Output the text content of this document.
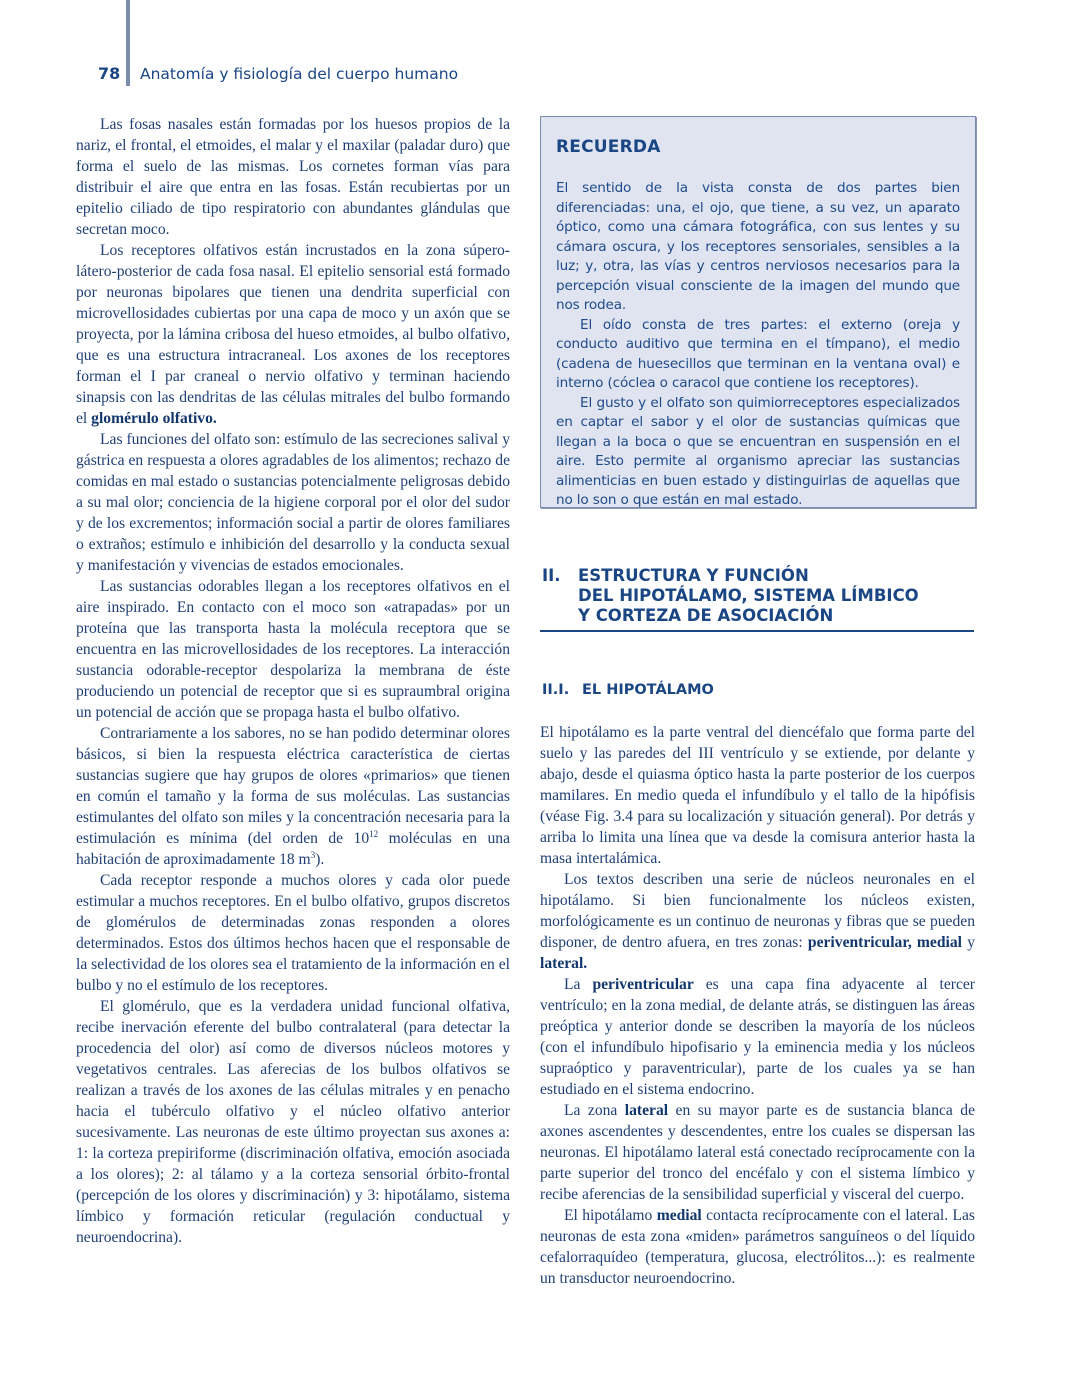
78	Anatomía y fisiología del cuerpo humano

Las fosas nasales están formadas por los huesos propios de la nariz, el frontal, el etmoides, el malar y el maxilar (paladar duro) que forma el suelo de las mismas. Los cornetes forman vías para distribuir el aire que entra en las fosas. Están recubiertas por un epitelio ciliado de tipo respiratorio con abundantes glándulas que secretan moco.

Los receptores olfativos están incrustados en la zona súpero-látero-posterior de cada fosa nasal. El epitelio sensorial está formado por neuronas bipolares que tienen una dendrita superficial con microvellosidades cubiertas por una capa de moco y un axón que se proyecta, por la lámina cribosa del hueso etmoides, al bulbo olfativo, que es una estructura intracraneal. Los axones de los receptores forman el I par craneal o nervio olfativo y terminan haciendo sinapsis con las dendritas de las células mitrales del bulbo formando el glomérulo olfativo.

Las funciones del olfato son: estímulo de las secreciones salival y gástrica en respuesta a olores agradables de los alimentos; rechazo de comidas en mal estado o sustancias potencialmente peligrosas debido a su mal olor; conciencia de la higiene corporal por el olor del sudor y de los excrementos; información social a partir de olores familiares o extraños; estímulo e inhibición del desarrollo y la conducta sexual y manifestación y vivencias de estados emocionales.

Las sustancias odorables llegan a los receptores olfativos en el aire inspirado. En contacto con el moco son «atrapadas» por un proteína que las transporta hasta la molécula receptora que se encuentra en las microvellosidades de los receptores. La interacción sustancia odorable-receptor despolariza la membrana de éste produciendo un potencial de receptor que si es supraumbral origina un potencial de acción que se propaga hasta el bulbo olfativo.

Contrariamente a los sabores, no se han podido determinar olores básicos, si bien la respuesta eléctrica característica de ciertas sustancias sugiere que hay grupos de olores «primarios» que tienen en común el tamaño y la forma de sus moléculas. Las sustancias estimulantes del olfato son miles y la concentración necesaria para la estimulación es mínima (del orden de $10^{12}$ moléculas en una habitación de aproximadamente 18 $m^3$).

Cada receptor responde a muchos olores y cada olor puede estimular a muchos receptores. En el bulbo olfativo, grupos discretos de glomérulos de determinadas zonas responden a olores determinados. Estos dos últimos hechos hacen que el responsable de la selectividad de los olores sea el tratamiento de la información en el bulbo y no el estímulo de los receptores.

El glomérulo, que es la verdadera unidad funcional olfativa, recibe inervación eferente del bulbo contralateral (para detectar la procedencia del olor) así como de diversos núcleos motores y vegetativos centrales. Las aferecias de los bulbos olfativos se realizan a través de los axones de las células mitrales y en penacho hacia el tubérculo olfativo y el núcleo olfativo anterior sucesivamente. Las neuronas de este último proyectan sus axones a: 1: la corteza prepiriforme (discriminación olfativa, emoción asociada a los olores); 2: al tálamo y a la corteza sensorial órbito-frontal (percepción de los olores y discriminación) y 3: hipotálamo, sistema límbico y formación reticular (regulación conductual y neuroendocrina).

RECUERDA

El sentido de la vista consta de dos partes bien diferenciadas: una, el ojo, que tiene, a su vez, un aparato óptico, como una cámara fotográfica, con sus lentes y su cámara oscura, y los receptores sensoriales, sensibles a la luz; y, otra, las vías y centros nerviosos necesarios para la percepción visual consciente de la imagen del mundo que nos rodea.

El oído consta de tres partes: el externo (oreja y conducto auditivo que termina en el tímpano), el medio (cadena de huesecillos que terminan en la ventana oval) e interno (cóclea o caracol que contiene los receptores).

El gusto y el olfato son quimiorreceptores especializados en captar el sabor y el olor de sustancias químicas que llegan a la boca o que se encuentran en suspensión en el aire. Esto permite al organismo apreciar las sustancias alimenticias en buen estado y distinguirlas de aquellas que no lo son o que están en mal estado.

II. ESTRUCTURA Y FUNCIÓN
DEL HIPOTÁLAMO, SISTEMA LÍMBICO
Y CORTEZA DE ASOCIACIÓN
II.I. EL HIPOTÁLAMO

El hipotálamo es la parte ventral del diencéfalo que forma parte del suelo y las paredes del III ventrículo y se extiende, por delante y abajo, desde el quiasma óptico hasta la parte posterior de los cuerpos mamilares. En medio queda el infundíbulo y el tallo de la hipófisis (véase Fig. 3.4 para su localización y situación general). Por detrás y arriba lo limita una línea que va desde la comisura anterior hasta la masa intertalámica.

Los textos describen una serie de núcleos neuronales en el hipotálamo. Si bien funcionalmente los núcleos existen, morfológicamente es un continuo de neuronas y fibras que se pueden disponer, de dentro afuera, en tres zonas: periventricular, medial y lateral.

La periventricular es una capa fina adyacente al tercer ventrículo; en la zona medial, de delante atrás, se distinguen las áreas preóptica y anterior donde se describen la mayoría de los núcleos (con el infundíbulo hipofisario y la eminencia media y los núcleos supraóptico y paraventricular), parte de los cuales ya se han estudiado en el sistema endocrino.

La zona lateral en su mayor parte es de sustancia blanca de axones ascendentes y descendentes, entre los cuales se dispersan las neuronas. El hipotálamo lateral está conectado recíprocamente con la parte superior del tronco del encéfalo y con el sistema límbico y recibe aferencias de la sensibilidad superficial y visceral del cuerpo.

El hipotálamo medial contacta recíprocamente con el lateral. Las neuronas de esta zona «miden» parámetros sanguíneos o del líquido cefalorraquídeo (temperatura, glucosa, electrólitos...): es realmente un transductor neuroendocrino.
